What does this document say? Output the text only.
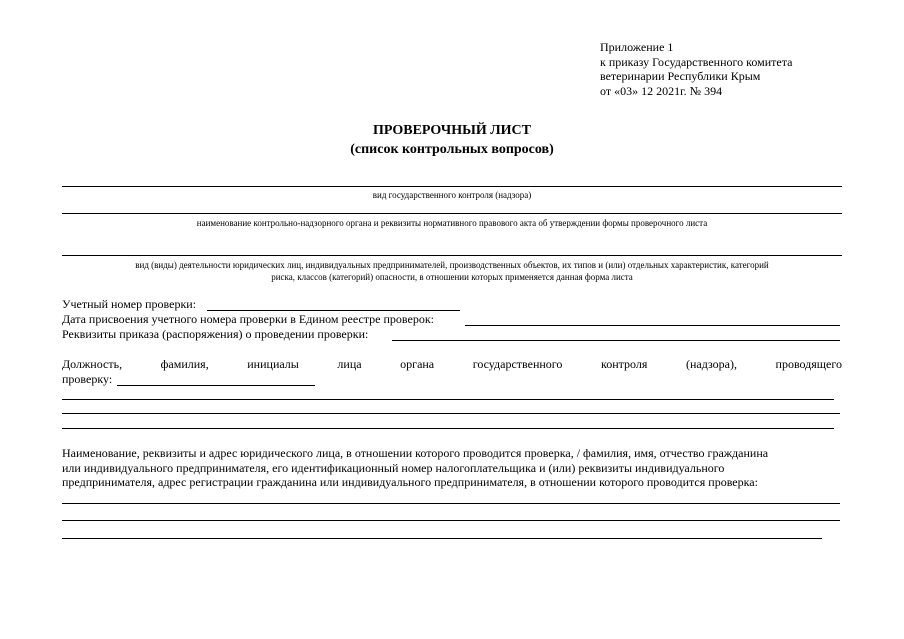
Приложение 1
к приказу Государственного комитета
ветеринарии Республики Крым
от «03» 12 2021г. № 394
ПРОВЕРОЧНЫЙ ЛИСТ
(список контрольных вопросов)
вид государственного контроля (надзора)
наименование контрольно-надзорного органа и реквизиты нормативного правового акта об утверждении формы проверочного листа
вид (виды) деятельности юридических лиц, индивидуальных предпринимателей, производственных объектов, их типов и (или) отдельных характеристик, категорий
риска, классов (категорий) опасности, в отношении которых применяется данная форма листа
Учетный номер проверки:
Дата присвоения учетного номера проверки в Едином реестре проверок:
Реквизиты приказа (распоряжения) о проведении проверки:
Должность,	фамилия,	инициалы	лица	органа	государственного	контроля	(надзора),	проводящего
проверку:
Наименование, реквизиты и адрес юридического лица, в отношении которого проводится проверка, / фамилия, имя, отчество гражданина
или индивидуального предпринимателя, его идентификационный номер налогоплательщика и (или) реквизиты индивидуального
предпринимателя, адрес регистрации гражданина или индивидуального предпринимателя, в отношении которого проводится проверка:
